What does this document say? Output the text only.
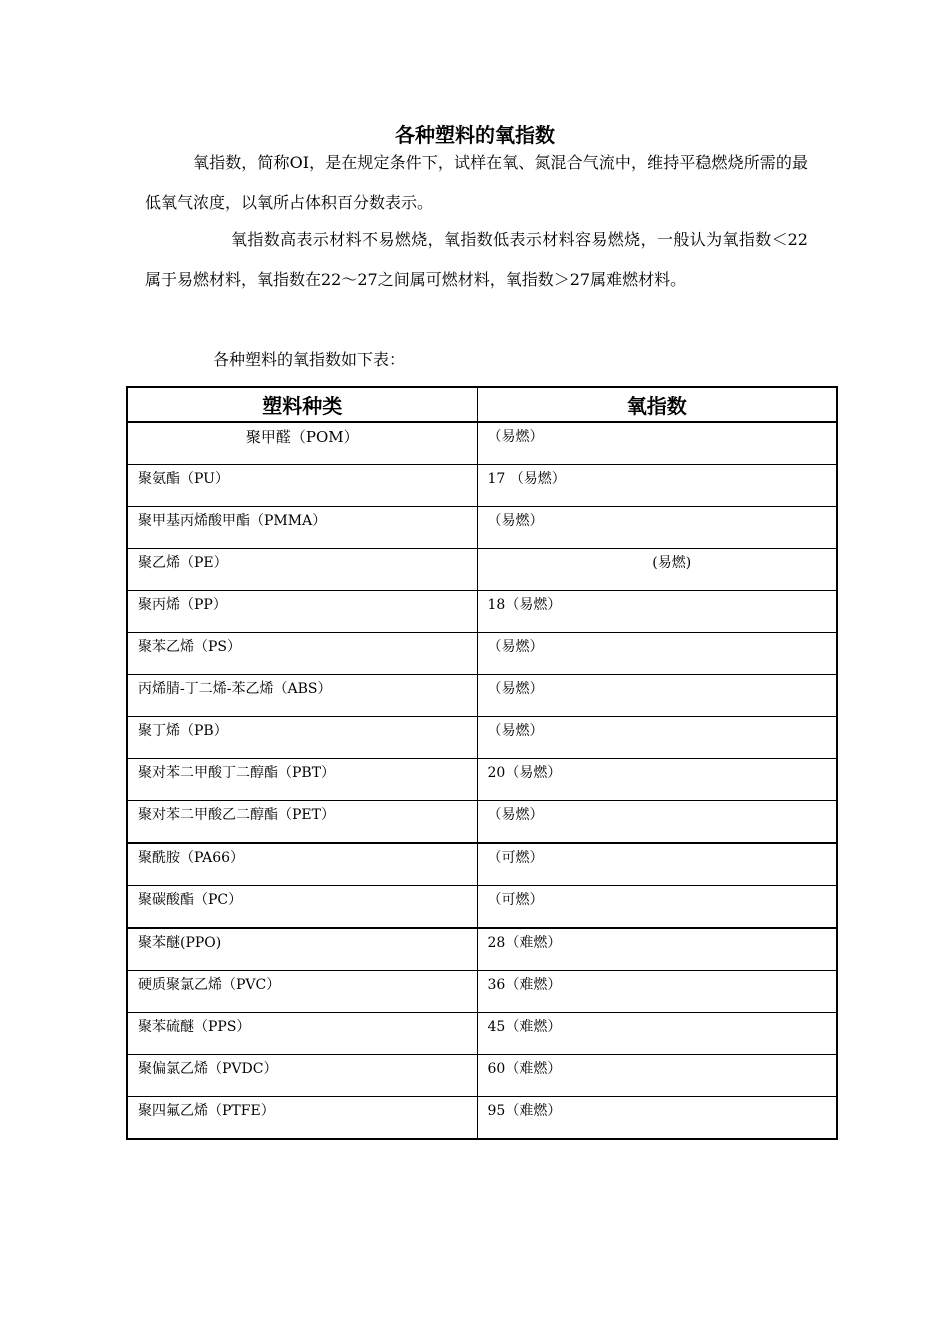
各种塑料的氧指数

氧指数，简称OI，是在规定条件下，试样在氧、氮混合气流中，维持平稳燃烧所需的最低氧气浓度，以氧所占体积百分数表示。

氧指数高表示材料不易燃烧，氧指数低表示材料容易燃烧，一般认为氧指数＜22属于易燃材料，氧指数在22～27之间属可燃材料，氧指数＞27属难燃材料。

各种塑料的氧指数如下表：

塑料种类	氧指数
聚甲醛（POM）	（易燃）
聚氨酯（PU）	17 （易燃）
聚甲基丙烯酸甲酯（PMMA）	（易燃）
聚乙烯（PE）	(易燃)
聚丙烯（PP）	18（易燃）
聚苯乙烯（PS）	（易燃）
丙烯腈-丁二烯-苯乙烯（ABS）	（易燃）
聚丁烯（PB）	（易燃）
聚对苯二甲酸丁二醇酯（PBT）	20（易燃）
聚对苯二甲酸乙二醇酯（PET）	（易燃）
聚酰胺（PA66）	（可燃）
聚碳酸酯（PC）	（可燃）
聚苯醚(PPO)	28（难燃）
硬质聚氯乙烯（PVC）	36（难燃）
聚苯硫醚（PPS）	45（难燃）
聚偏氯乙烯（PVDC）	60（难燃）
聚四氟乙烯（PTFE）	95（难燃）
